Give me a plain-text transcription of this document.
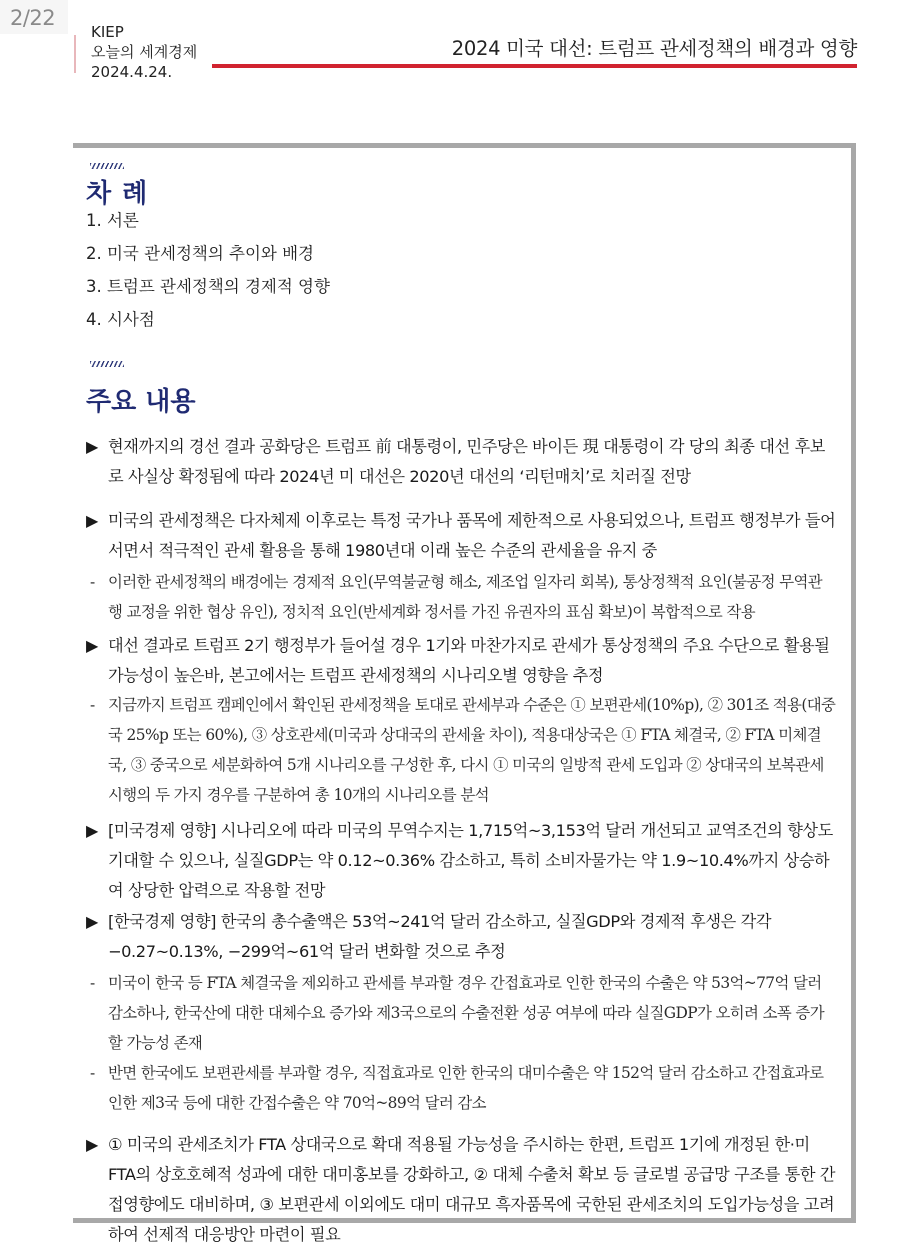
2/22
KIEP
오늘의 세계경제
2024.4.24.
2024 미국 대선: 트럼프 관세정책의 배경과 영향
차 례
1. 서론
2. 미국 관세정책의 추이와 배경
3. 트럼프 관세정책의 경제적 영향
4. 시사점
주요 내용
▶ 현재까지의 경선 결과 공화당은 트럼프 前 대통령이, 민주당은 바이든 現 대통령이 각 당의 최종 대선 후보로 사실상 확정됨에 따라 2024년 미 대선은 2020년 대선의 ‘리턴매치’로 치러질 전망
▶ 미국의 관세정책은 다자체제 이후로는 특정 국가나 품목에 제한적으로 사용되었으나, 트럼프 행정부가 들어서면서 적극적인 관세 활용을 통해 1980년대 이래 높은 수준의 관세율을 유지 중
- 이러한 관세정책의 배경에는 경제적 요인(무역불균형 해소, 제조업 일자리 회복), 통상정책적 요인(불공정 무역관행 교정을 위한 협상 유인), 정치적 요인(반세계화 정서를 가진 유권자의 표심 확보)이 복합적으로 작용
▶ 대선 결과로 트럼프 2기 행정부가 들어설 경우 1기와 마찬가지로 관세가 통상정책의 주요 수단으로 활용될 가능성이 높은바, 본고에서는 트럼프 관세정책의 시나리오별 영향을 추정
- 지금까지 트럼프 캠페인에서 확인된 관세정책을 토대로 관세부과 수준은 ① 보편관세(10%p), ② 301조 적용(대중국 25%p 또는 60%), ③ 상호관세(미국과 상대국의 관세율 차이), 적용대상국은 ① FTA 체결국, ② FTA 미체결국, ③ 중국으로 세분화하여 5개 시나리오를 구성한 후, 다시 ① 미국의 일방적 관세 도입과 ② 상대국의 보복관세 시행의 두 가지 경우를 구분하여 총 10개의 시나리오를 분석
▶ [미국경제 영향] 시나리오에 따라 미국의 무역수지는 1,715억~3,153억 달러 개선되고 교역조건의 향상도 기대할 수 있으나, 실질GDP는 약 0.12~0.36% 감소하고, 특히 소비자물가는 약 1.9~10.4%까지 상승하여 상당한 압력으로 작용할 전망
▶ [한국경제 영향] 한국의 총수출액은 53억~241억 달러 감소하고, 실질GDP와 경제적 후생은 각각 −0.27~0.13%, −299억~61억 달러 변화할 것으로 추정
- 미국이 한국 등 FTA 체결국을 제외하고 관세를 부과할 경우 간접효과로 인한 한국의 수출은 약 53억~77억 달러 감소하나, 한국산에 대한 대체수요 증가와 제3국으로의 수출전환 성공 여부에 따라 실질GDP가 오히려 소폭 증가할 가능성 존재
- 반면 한국에도 보편관세를 부과할 경우, 직접효과로 인한 한국의 대미수출은 약 152억 달러 감소하고 간접효과로 인한 제3국 등에 대한 간접수출은 약 70억~89억 달러 감소
▶ ① 미국의 관세조치가 FTA 상대국으로 확대 적용될 가능성을 주시하는 한편, 트럼프 1기에 개정된 한·미 FTA의 상호호혜적 성과에 대한 대미홍보를 강화하고, ② 대체 수출처 확보 등 글로벌 공급망 구조를 통한 간접영향에도 대비하며, ③ 보편관세 이외에도 대미 대규모 흑자품목에 국한된 관세조치의 도입가능성을 고려하여 선제적 대응방안 마련이 필요
